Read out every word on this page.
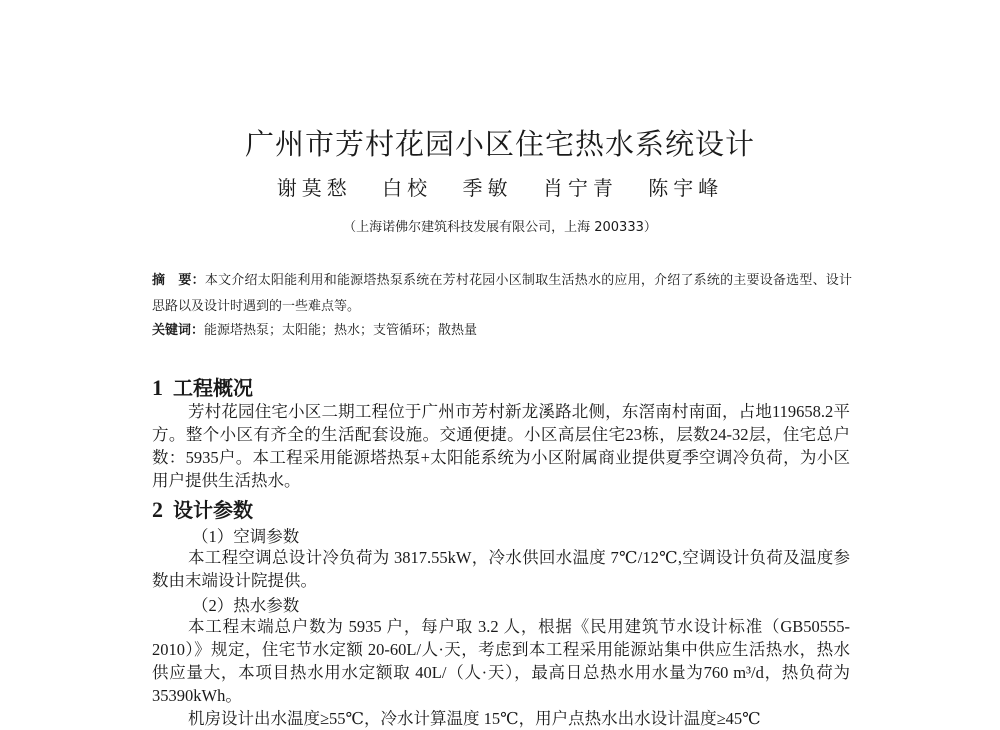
广州市芳村花园小区住宅热水系统设计
谢莫愁 白校 季敏 肖宁青 陈宇峰
（上海诺佛尔建筑科技发展有限公司，上海 200333）

摘　要：本文介绍太阳能利用和能源塔热泵系统在芳村花园小区制取生活热水的应用，介绍了系统的主要设备选型、设计思路以及设计时遇到的一些难点等。

关键词：能源塔热泵；太阳能；热水；支管循环；散热量

1 工程概况

芳村花园住宅小区二期工程位于广州市芳村新龙溪路北侧，东滘南村南面，占地119658.2平方。整个小区有齐全的生活配套设施。交通便捷。小区高层住宅23栋，层数24-32层，住宅总户数：5935户。本工程采用能源塔热泵+太阳能系统为小区附属商业提供夏季空调冷负荷，为小区用户提供生活热水。

2 设计参数

（1）空调参数

本工程空调总设计冷负荷为 3817.55kW，冷水供回水温度 7℃/12℃,空调设计负荷及温度参数由末端设计院提供。

（2）热水参数

本工程末端总户数为 5935 户，每户取 3.2 人，根据《民用建筑节水设计标准（GB50555-2010）》规定，住宅节水定额 20-60L/人·天，考虑到本工程采用能源站集中供应生活热水，热水供应量大，本项目热水用水定额取 40L/（人·天），最高日总热水用水量为760 m³/d，热负荷为 35390kWh。

机房设计出水温度≥55℃，冷水计算温度 15℃，用户点热水出水设计温度≥45℃
